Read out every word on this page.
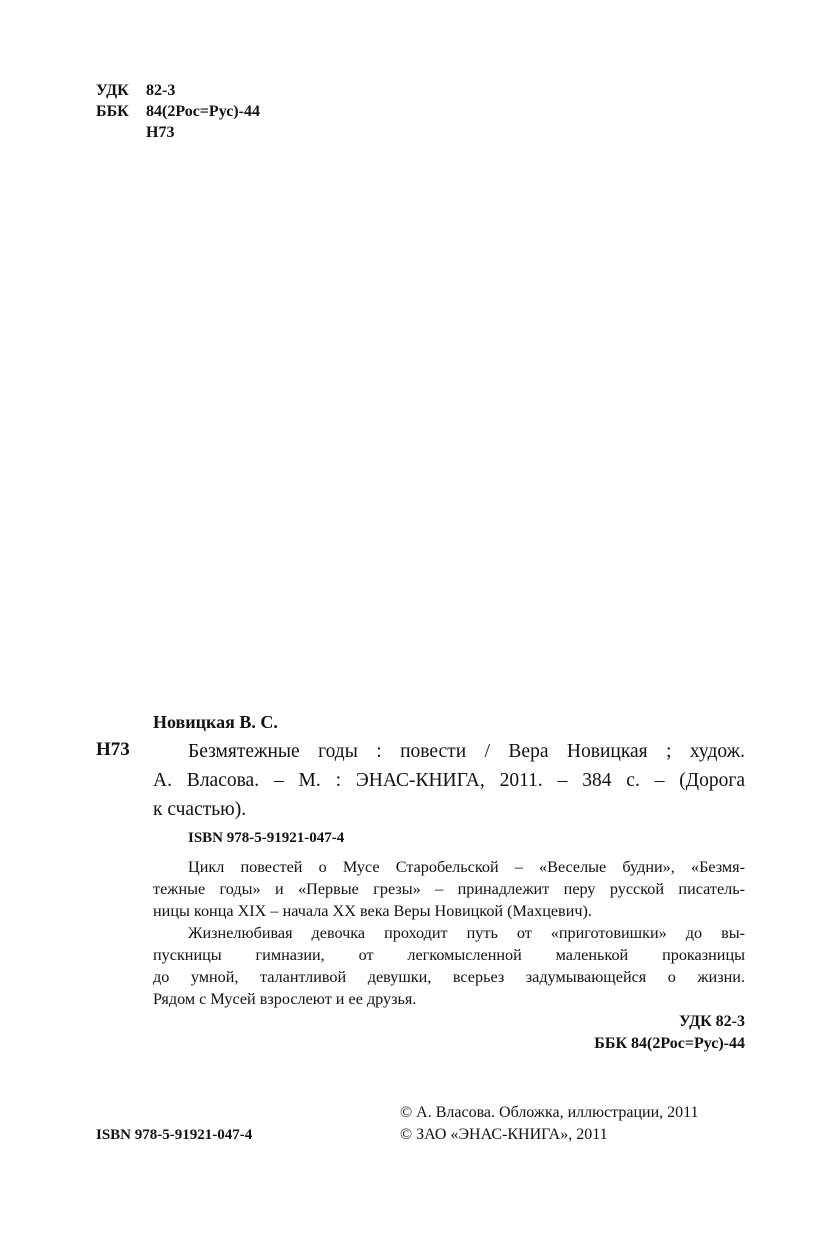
УДК	82-3
ББК	84(2Рос=Рус)-44
Н73
Новицкая В. С.
Н73	Безмятежные годы : повести / Вера Новицкая ; худож.
А. Власова. – М. : ЭНАС-КНИГА, 2011. – 384 с. – (Дорога
к счастью).
ISBN 978-5-91921-047-4
Цикл повестей о Мусе Старобельской – «Веселые будни», «Безмя-
тежные годы» и «Первые грезы» – принадлежит перу русской писатель-
ницы конца XIX – начала XX века Веры Новицкой (Махцевич).
Жизнелюбивая девочка проходит путь от «приготовишки» до вы-
пускницы гимназии, от легкомысленной маленькой проказницы
до умной, талантливой девушки, всерьез задумывающейся о жизни.
Рядом с Мусей взрослеют и ее друзья.
УДК 82-3
ББК 84(2Рос=Рус)-44
ISBN 978-5-91921-047-4
© А. Власова. Обложка, иллюстрации, 2011
© ЗАО «ЭНАС-КНИГА», 2011
